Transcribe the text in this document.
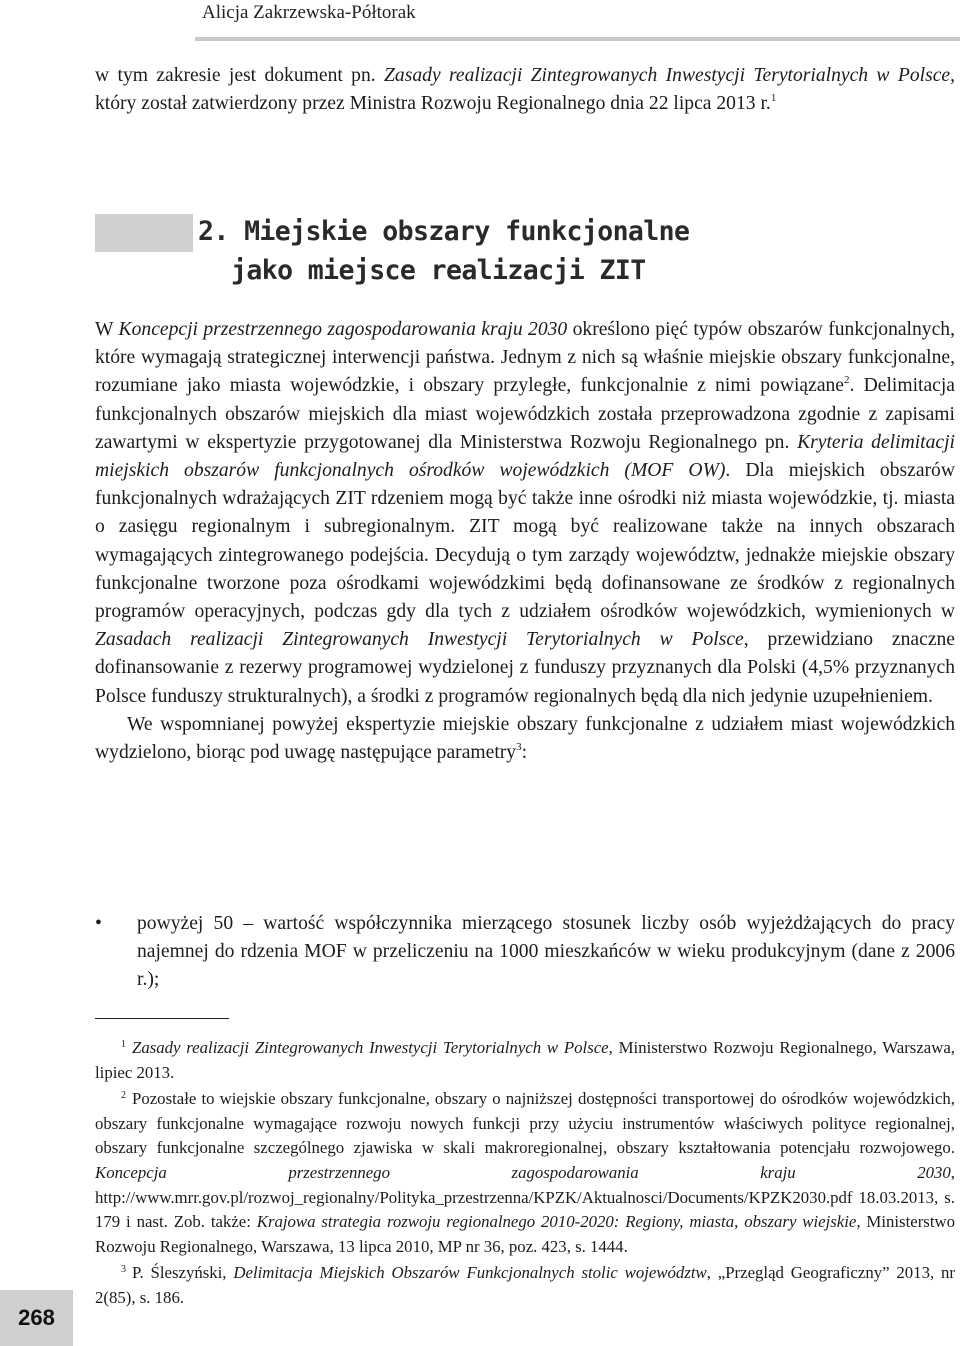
Alicja Zakrzewska-Półtorak
w tym zakresie jest dokument pn. Zasady realizacji Zintegrowanych Inwestycji Terytorialnych w Polsce, który został zatwierdzony przez Ministra Rozwoju Regionalnego dnia 22 lipca 2013 r.$^1$
2. Miejskie obszary funkcjonalne
jako miejsce realizacji ZIT

W Koncepcji przestrzennego zagospodarowania kraju 2030 określono pięć typów obszarów funkcjonalnych, które wymagają strategicznej interwencji państwa. Jednym z nich są właśnie miejskie obszary funkcjonalne, rozumiane jako miasta wojewódzkie, i obszary przyległe, funkcjonalnie z nimi powiązane$^2$. Delimitacja funkcjonalnych obszarów miejskich dla miast wojewódzkich została przeprowadzona zgodnie z zapisami zawartymi w ekspertyzie przygotowanej dla Ministerstwa Rozwoju Regionalnego pn. Kryteria delimitacji miejskich obszarów funkcjonalnych ośrodków wojewódzkich (MOF OW). Dla miejskich obszarów funkcjonalnych wdrażających ZIT rdzeniem mogą być także inne ośrodki niż miasta wojewódzkie, tj. miasta o zasięgu regionalnym i subregionalnym. ZIT mogą być realizowane także na innych obszarach wymagających zintegrowanego podejścia. Decydują o tym zarządy województw, jednakże miejskie obszary funkcjonalne tworzone poza ośrodkami wojewódzkimi będą dofinansowane ze środków z regionalnych programów operacyjnych, podczas gdy dla tych z udziałem ośrodków wojewódzkich, wymienionych w Zasadach realizacji Zintegrowanych Inwestycji Terytorialnych w Polsce, przewidziano znaczne dofinansowanie z rezerwy programowej wydzielonej z funduszy przyznanych dla Polski (4,5% przyznanych Polsce funduszy strukturalnych), a środki z programów regionalnych będą dla nich jedynie uzupełnieniem.

We wspomnianej powyżej ekspertyzie miejskie obszary funkcjonalne z udziałem miast wojewódzkich wydzielono, biorąc pod uwagę następujące parametry$^3$:

• powyżej 50 – wartość współczynnika mierzącego stosunek liczby osób wyjeżdżających do pracy najemnej do rdzenia MOF w przeliczeniu na 1000 mieszkańców w wieku produkcyjnym (dane z 2006 r.);

$^1$ Zasady realizacji Zintegrowanych Inwestycji Terytorialnych w Polsce, Ministerstwo Rozwoju Regionalnego, Warszawa, lipiec 2013.

$^2$ Pozostałe to wiejskie obszary funkcjonalne, obszary o najniższej dostępności transportowej do ośrodków wojewódzkich, obszary funkcjonalne wymagające rozwoju nowych funkcji przy użyciu instrumentów właściwych polityce regionalnej, obszary funkcjonalne szczególnego zjawiska w skali makroregionalnej, obszary kształtowania potencjału rozwojowego. Koncepcja przestrzennego zagospodarowania kraju 2030, http://www.mrr.gov.pl/rozwoj_regionalny/Polityka_przestrzenna/KPZK/Aktualnosci/Documents/KPZK2030.pdf 18.03.2013, s. 179 i nast. Zob. także: Krajowa strategia rozwoju regionalnego 2010-2020: Regiony, miasta, obszary wiejskie, Ministerstwo Rozwoju Regionalnego, Warszawa, 13 lipca 2010, MP nr 36, poz. 423, s. 1444.

$^3$ P. Śleszyński, Delimitacja Miejskich Obszarów Funkcjonalnych stolic województw, „Przegląd Geograficzny” 2013, nr 2(85), s. 186.

268
